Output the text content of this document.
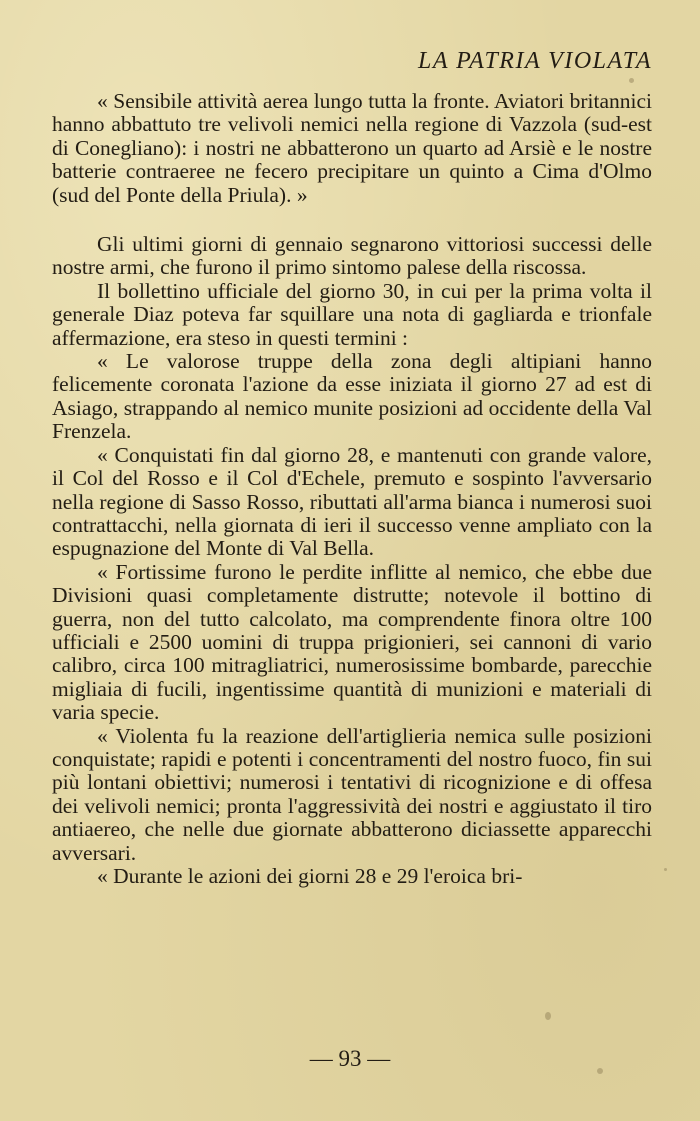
LA PATRIA VIOLATA

« Sensibile attività aerea lungo tutta la fronte. Aviatori britannici hanno abbattuto tre velivoli nemici nella regione di Vazzola (sud-est di Conegliano): i nostri ne abbatterono un quarto ad Arsiè e le nostre batterie contraeree ne fecero precipitare un quinto a Cima d'Olmo (sud del Ponte della Priula). »

Gli ultimi giorni di gennaio segnarono vittoriosi successi delle nostre armi, che furono il primo sintomo palese della riscossa.

Il bollettino ufficiale del giorno 30, in cui per la prima volta il generale Diaz poteva far squillare una nota di gagliarda e trionfale affermazione, era steso in questi termini :

« Le valorose truppe della zona degli altipiani hanno felicemente coronata l'azione da esse iniziata il giorno 27 ad est di Asiago, strappando al nemico munite posizioni ad occidente della Val Frenzela.

« Conquistati fin dal giorno 28, e mantenuti con grande valore, il Col del Rosso e il Col d'Echele, premuto e sospinto l'avversario nella regione di Sasso Rosso, ributtati all'arma bianca i numerosi suoi contrattacchi, nella giornata di ieri il successo venne ampliato con la espugnazione del Monte di Val Bella.

« Fortissime furono le perdite inflitte al nemico, che ebbe due Divisioni quasi completamente distrutte; notevole il bottino di guerra, non del tutto calcolato, ma comprendente finora oltre 100 ufficiali e 2500 uomini di truppa prigionieri, sei cannoni di vario calibro, circa 100 mitragliatrici, numerosissime bombarde, parecchie migliaia di fucili, ingentissime quantità di munizioni e materiali di varia specie.

« Violenta fu la reazione dell'artiglieria nemica sulle posizioni conquistate; rapidi e potenti i concentramenti del nostro fuoco, fin sui più lontani obiettivi; numerosi i tentativi di ricognizione e di offesa dei velivoli nemici; pronta l'aggressività dei nostri e aggiustato il tiro antiaereo, che nelle due giornate abbatterono diciassette apparecchi avversari.

« Durante le azioni dei giorni 28 e 29 l'eroica bri-

— 93 —
